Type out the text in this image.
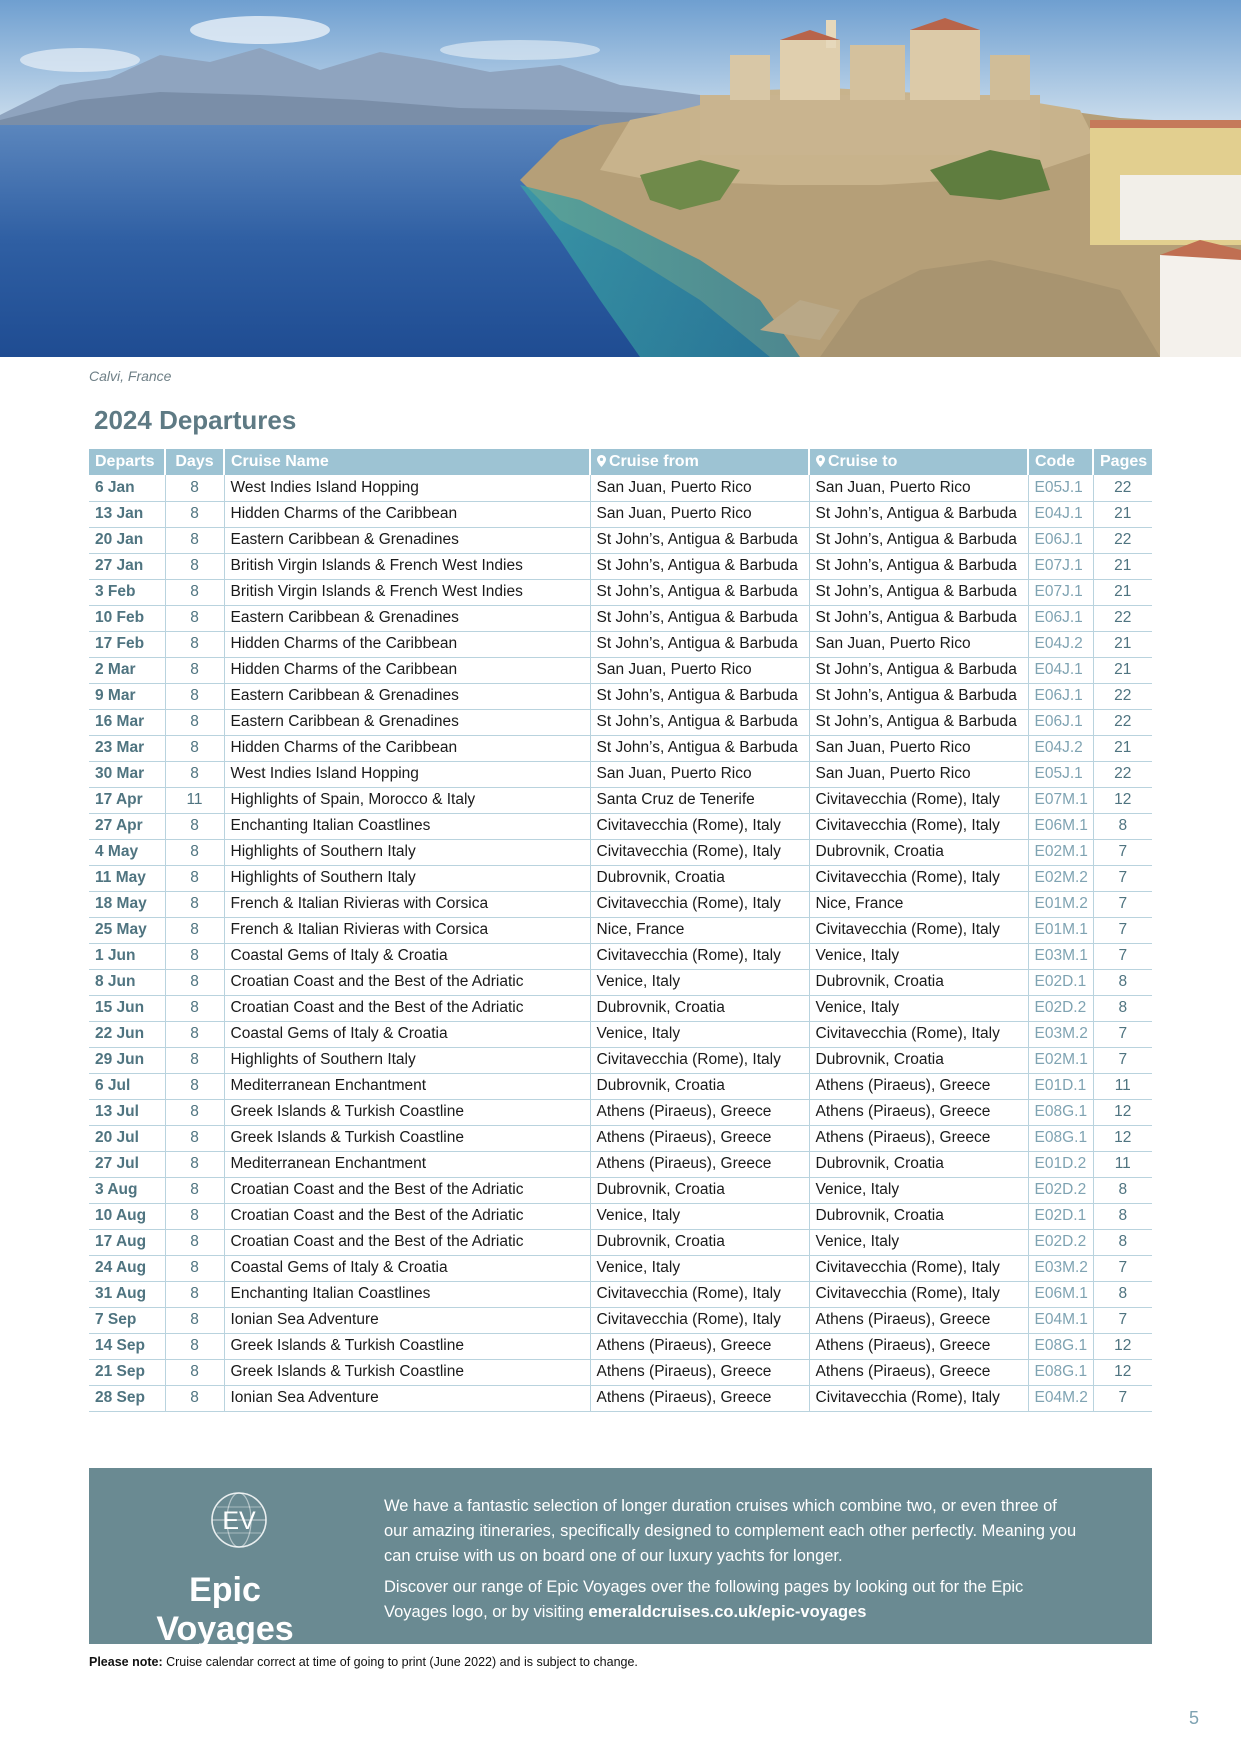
Calvi, France
2024 Departures
Departs	Days	Cruise Name	Cruise from	Cruise to	Code	Pages
6 Jan	8	West Indies Island Hopping	San Juan, Puerto Rico	San Juan, Puerto Rico	E05J.1	22
13 Jan	8	Hidden Charms of the Caribbean	San Juan, Puerto Rico	St John’s, Antigua & Barbuda	E04J.1	21
20 Jan	8	Eastern Caribbean & Grenadines	St John’s, Antigua & Barbuda	St John’s, Antigua & Barbuda	E06J.1	22
27 Jan	8	British Virgin Islands & French West Indies	St John’s, Antigua & Barbuda	St John’s, Antigua & Barbuda	E07J.1	21
3 Feb	8	British Virgin Islands & French West Indies	St John’s, Antigua & Barbuda	St John’s, Antigua & Barbuda	E07J.1	21
10 Feb	8	Eastern Caribbean & Grenadines	St John’s, Antigua & Barbuda	St John’s, Antigua & Barbuda	E06J.1	22
17 Feb	8	Hidden Charms of the Caribbean	St John’s, Antigua & Barbuda	San Juan, Puerto Rico	E04J.2	21
2 Mar	8	Hidden Charms of the Caribbean	San Juan, Puerto Rico	St John’s, Antigua & Barbuda	E04J.1	21
9 Mar	8	Eastern Caribbean & Grenadines	St John’s, Antigua & Barbuda	St John’s, Antigua & Barbuda	E06J.1	22
16 Mar	8	Eastern Caribbean & Grenadines	St John’s, Antigua & Barbuda	St John’s, Antigua & Barbuda	E06J.1	22
23 Mar	8	Hidden Charms of the Caribbean	St John’s, Antigua & Barbuda	San Juan, Puerto Rico	E04J.2	21
30 Mar	8	West Indies Island Hopping	San Juan, Puerto Rico	San Juan, Puerto Rico	E05J.1	22
17 Apr	11	Highlights of Spain, Morocco & Italy	Santa Cruz de Tenerife	Civitavecchia (Rome), Italy	E07M.1	12
27 Apr	8	Enchanting Italian Coastlines	Civitavecchia (Rome), Italy	Civitavecchia (Rome), Italy	E06M.1	8
4 May	8	Highlights of Southern Italy	Civitavecchia (Rome), Italy	Dubrovnik, Croatia	E02M.1	7
11 May	8	Highlights of Southern Italy	Dubrovnik, Croatia	Civitavecchia (Rome), Italy	E02M.2	7
18 May	8	French & Italian Rivieras with Corsica	Civitavecchia (Rome), Italy	Nice, France	E01M.2	7
25 May	8	French & Italian Rivieras with Corsica	Nice, France	Civitavecchia (Rome), Italy	E01M.1	7
1 Jun	8	Coastal Gems of Italy & Croatia	Civitavecchia (Rome), Italy	Venice, Italy	E03M.1	7
8 Jun	8	Croatian Coast and the Best of the Adriatic	Venice, Italy	Dubrovnik, Croatia	E02D.1	8
15 Jun	8	Croatian Coast and the Best of the Adriatic	Dubrovnik, Croatia	Venice, Italy	E02D.2	8
22 Jun	8	Coastal Gems of Italy & Croatia	Venice, Italy	Civitavecchia (Rome), Italy	E03M.2	7
29 Jun	8	Highlights of Southern Italy	Civitavecchia (Rome), Italy	Dubrovnik, Croatia	E02M.1	7
6 Jul	8	Mediterranean Enchantment	Dubrovnik, Croatia	Athens (Piraeus), Greece	E01D.1	11
13 Jul	8	Greek Islands & Turkish Coastline	Athens (Piraeus), Greece	Athens (Piraeus), Greece	E08G.1	12
20 Jul	8	Greek Islands & Turkish Coastline	Athens (Piraeus), Greece	Athens (Piraeus), Greece	E08G.1	12
27 Jul	8	Mediterranean Enchantment	Athens (Piraeus), Greece	Dubrovnik, Croatia	E01D.2	11
3 Aug	8	Croatian Coast and the Best of the Adriatic	Dubrovnik, Croatia	Venice, Italy	E02D.2	8
10 Aug	8	Croatian Coast and the Best of the Adriatic	Venice, Italy	Dubrovnik, Croatia	E02D.1	8
17 Aug	8	Croatian Coast and the Best of the Adriatic	Dubrovnik, Croatia	Venice, Italy	E02D.2	8
24 Aug	8	Coastal Gems of Italy & Croatia	Venice, Italy	Civitavecchia (Rome), Italy	E03M.2	7
31 Aug	8	Enchanting Italian Coastlines	Civitavecchia (Rome), Italy	Civitavecchia (Rome), Italy	E06M.1	8
7 Sep	8	Ionian Sea Adventure	Civitavecchia (Rome), Italy	Athens (Piraeus), Greece	E04M.1	7
14 Sep	8	Greek Islands & Turkish Coastline	Athens (Piraeus), Greece	Athens (Piraeus), Greece	E08G.1	12
21 Sep	8	Greek Islands & Turkish Coastline	Athens (Piraeus), Greece	Athens (Piraeus), Greece	E08G.1	12
28 Sep	8	Ionian Sea Adventure	Athens (Piraeus), Greece	Civitavecchia (Rome), Italy	E04M.2	7
EV
Epic Voyages

We have a fantastic selection of longer duration cruises which combine two, or even three of our amazing itineraries, specifically designed to complement each other perfectly. Meaning you can cruise with us on board one of our luxury yachts for longer.

Discover our range of Epic Voyages over the following pages by looking out for the Epic Voyages logo, or by visiting emeraldcruises.co.uk/epic-voyages

Please note: Cruise calendar correct at time of going to print (June 2022) and is subject to change.
5
